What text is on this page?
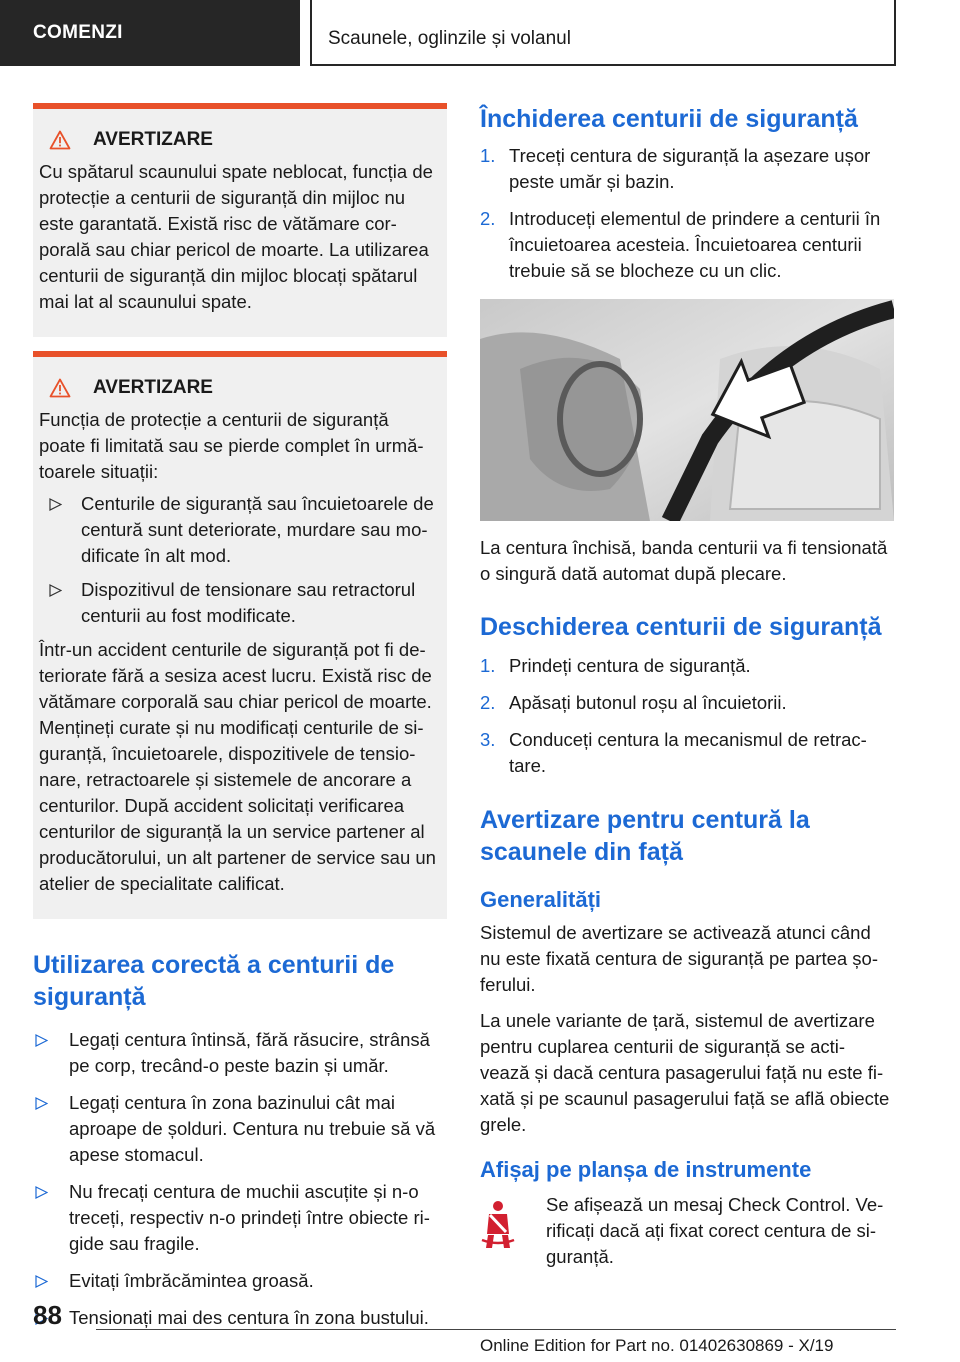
COMENZI	Scaunele, oglinzile și volanul
AVERTIZARE

Cu spătarul scaunului spate neblocat, funcția de protecție a centurii de siguranță din mijloc nu este garantată. Există risc de vătămare cor-porală sau chiar pericol de moarte. La utilizarea centurii de siguranță din mijloc blocați spătarul mai lat al scaunului spate.

AVERTIZARE

Funcția de protecție a centurii de siguranță poate fi limitată sau se pierde complet în urmă-toarele situații:

Centurile de siguranță sau încuietoarele de centură sunt deteriorate, murdare sau mo-dificate în alt mod.
Dispozitivul de tensionare sau retractorul centurii au fost modificate.

Într-un accident centurile de siguranță pot fi de-teriorate fără a sesiza acest lucru. Există risc de vătămare corporală sau chiar pericol de moarte. Mențineți curate și nu modificați centurile de si-guranță, încuietoarele, dispozitivele de tensio-nare, retractoarele și sistemele de ancorare a centurilor. După accident solicitați verificarea centurilor de siguranță la un service partener al producătorului, un alt partener de service sau un atelier de specialitate calificat.

Utilizarea corectă a centurii de siguranță
Legați centura întinsă, fără răsucire, strânsă pe corp, trecând-o peste bazin și umăr.
Legați centura în zona bazinului cât mai aproape de șolduri. Centura nu trebuie să vă apese stomacul.
Nu frecați centura de muchii ascuțite și n-o treceți, respectiv n-o prindeți între obiecte ri-gide sau fragile.
Evitați îmbrăcămintea groasă.
Tensionați mai des centura în zona bustului.
Închiderea centurii de siguranță
1. Treceți centura de siguranță la așezare ușor peste umăr și bazin.
2. Introduceți elementul de prindere a centurii în încuietoarea acesteia. Încuietoarea centurii trebuie să se blocheze cu un clic.

La centura închisă, banda centurii va fi tensionată o singură dată automat după plecare.

Deschiderea centurii de siguranță
1. Prindeți centura de siguranță.
2. Apăsați butonul roșu al încuietorii.
3. Conduceți centura la mecanismul de retrac-tare.
Avertizare pentru centură la scaunele din față
Generalități

Sistemul de avertizare se activează atunci când nu este fixată centura de siguranță pe partea șo-ferului.

La unele variante de țară, sistemul de avertizare pentru cuplarea centurii de siguranță se acti-vează și dacă centura pasagerului față nu este fi-xată și pe scaunul pasagerului față se află obiecte grele.

Afișaj pe planșa de instrumente

Se afișează un mesaj Check Control. Ve-rificați dacă ați fixat corect centura de si-guranță.

88
Online Edition for Part no. 01402630869 - X/19
